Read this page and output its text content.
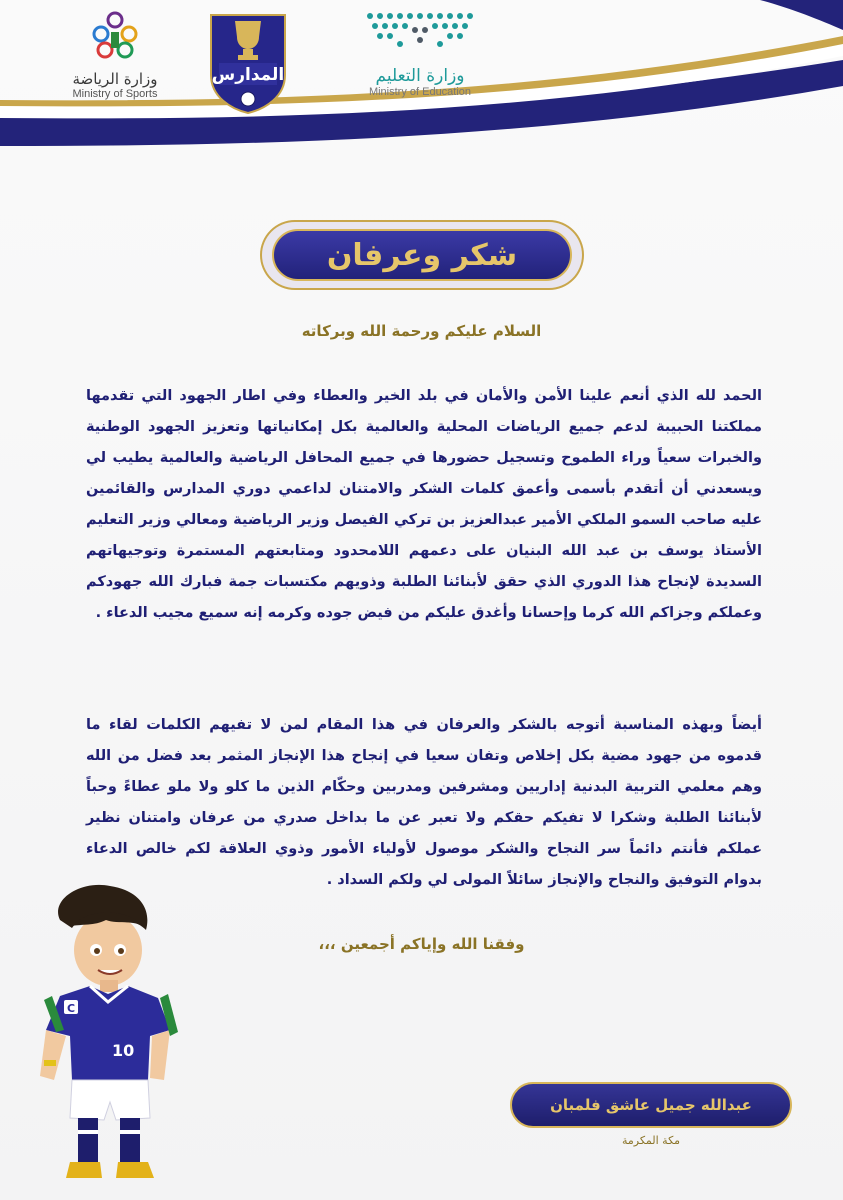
وزارة التعليم
Ministry of Education
المدارس
وزارة الرياضة
Ministry of Sports
شكر وعرفان
السلام عليكم ورحمة الله وبركاته
الحمد لله الذي أنعم علينا الأمن والأمان في بلد الخير والعطاء وفي اطار الجهود التي تقدمها مملكتنا الحبيبة لدعم جميع الرياضات المحلية والعالمية بكل إمكانياتها وتعزيز الجهود الوطنية والخبرات سعياً وراء الطموح وتسجيل حضورها في جميع المحافل الرياضية والعالمية يطيب لي ويسعدني أن أتقدم بأسمى وأعمق كلمات الشكر والامتنان لداعمي دوري المدارس والقائمين عليه صاحب السمو الملكي الأمير عبدالعزيز بن تركي الفيصل وزير الرياضية ومعالي وزير التعليم الأستاذ يوسف بن عبد الله البنيان على دعمهم اللامحدود ومتابعتهم المستمرة وتوجيهاتهم السديدة لإنجاح هذا الدوري الذي حقق لأبنائنا الطلبة وذويهم مكتسبات جمة فبارك الله جهودكم وعملكم وجزاكم الله كرما وإحسانا وأغدق عليكم من فيض جوده وكرمه إنه سميع مجيب الدعاء .
أيضاً وبهذه المناسبة أتوجه بالشكر والعرفان في هذا المقام لمن لا تفيهم الكلمات لقاء ما قدموه من جهود مضية بكل إخلاص وتفان سعيا في إنجاح هذا الإنجاز المثمر بعد فضل من الله وهم معلمي التربية البدنية إداريين ومشرفين ومدربين وحكّام الذين ما كلو ولا ملو عطاءً وحباً لأبنائنا الطلبة وشكرا لا تفيكم حقكم ولا تعبر عن ما بداخل صدري من عرفان وامتنان نظير عملكم فأنتم دائماً سر النجاح والشكر موصول لأولياء الأمور وذوي العلاقة لكم خالص الدعاء بدوام التوفيق والنجاح والإنجاز سائلاً المولى لي ولكم السداد .
وفقنا الله وإياكم أجمعين ،،،
C
10
عبدالله جميل عاشق فلمبان
مكة المكرمة
